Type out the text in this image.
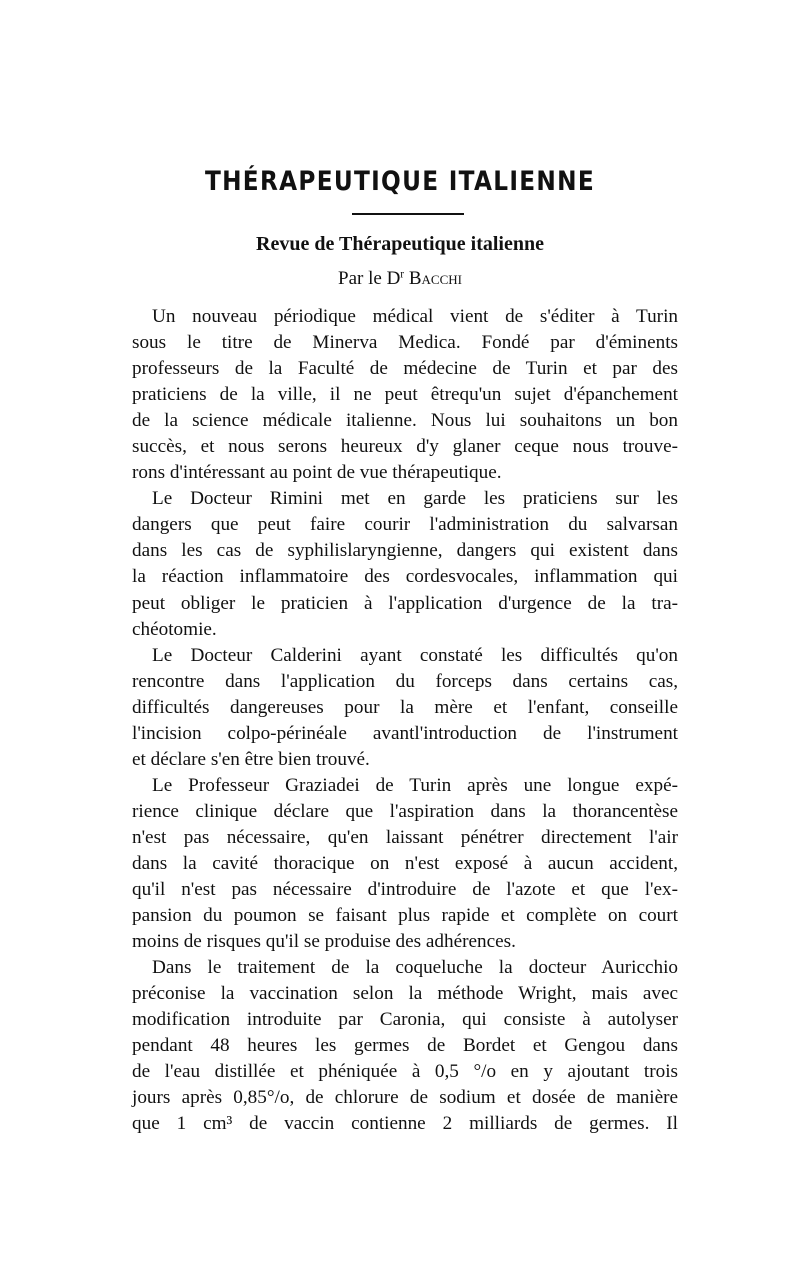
THÉRAPEUTIQUE ITALIENNE
Revue de Thérapeutique italienne
Par le $D^r$ Bacchi
Un nouveau périodique médical vient de s'éditer à Turin
sous le titre de Minerva Medica. Fondé par d'éminents
professeurs de la Faculté de médecine de Turin et par des
praticiens de la ville, il ne peut êtrequ'un sujet d'épanchement
de la science médicale italienne. Nous lui souhaitons un bon
succès, et nous serons heureux d'y glaner ceque nous trouve-
rons d'intéressant au point de vue thérapeutique.
Le Docteur Rimini met en garde les praticiens sur les
dangers que peut faire courir l'administration du salvarsan
dans les cas de syphilislaryngienne, dangers qui existent dans
la réaction inflammatoire des cordesvocales, inflammation qui
peut obliger le praticien à l'application d'urgence de la tra-
chéotomie.
Le Docteur Calderini ayant constaté les difficultés qu'on
rencontre dans l'application du forceps dans certains cas,
difficultés dangereuses pour la mère et l'enfant, conseille
l'incision colpo-périnéale avantl'introduction de l'instrument
et déclare s'en être bien trouvé.
Le Professeur Graziadei de Turin après une longue expé-
rience clinique déclare que l'aspiration dans la thorancentèse
n'est pas nécessaire, qu'en laissant pénétrer directement l'air
dans la cavité thoracique on n'est exposé à aucun accident,
qu'il n'est pas nécessaire d'introduire de l'azote et que l'ex-
pansion du poumon se faisant plus rapide et complète on court
moins de risques qu'il se produise des adhérences.
Dans le traitement de la coqueluche la docteur Auricchio
préconise la vaccination selon la méthode Wright, mais avec
modification introduite par Caronia, qui consiste à autolyser
pendant 48 heures les germes de Bordet et Gengou dans
de l'eau distillée et phéniquée à 0,5 °/o en y ajoutant trois
jours après 0,85°/o, de chlorure de sodium et dosée de manière
que 1 cm³ de vaccin contienne 2 milliards de germes. Il
